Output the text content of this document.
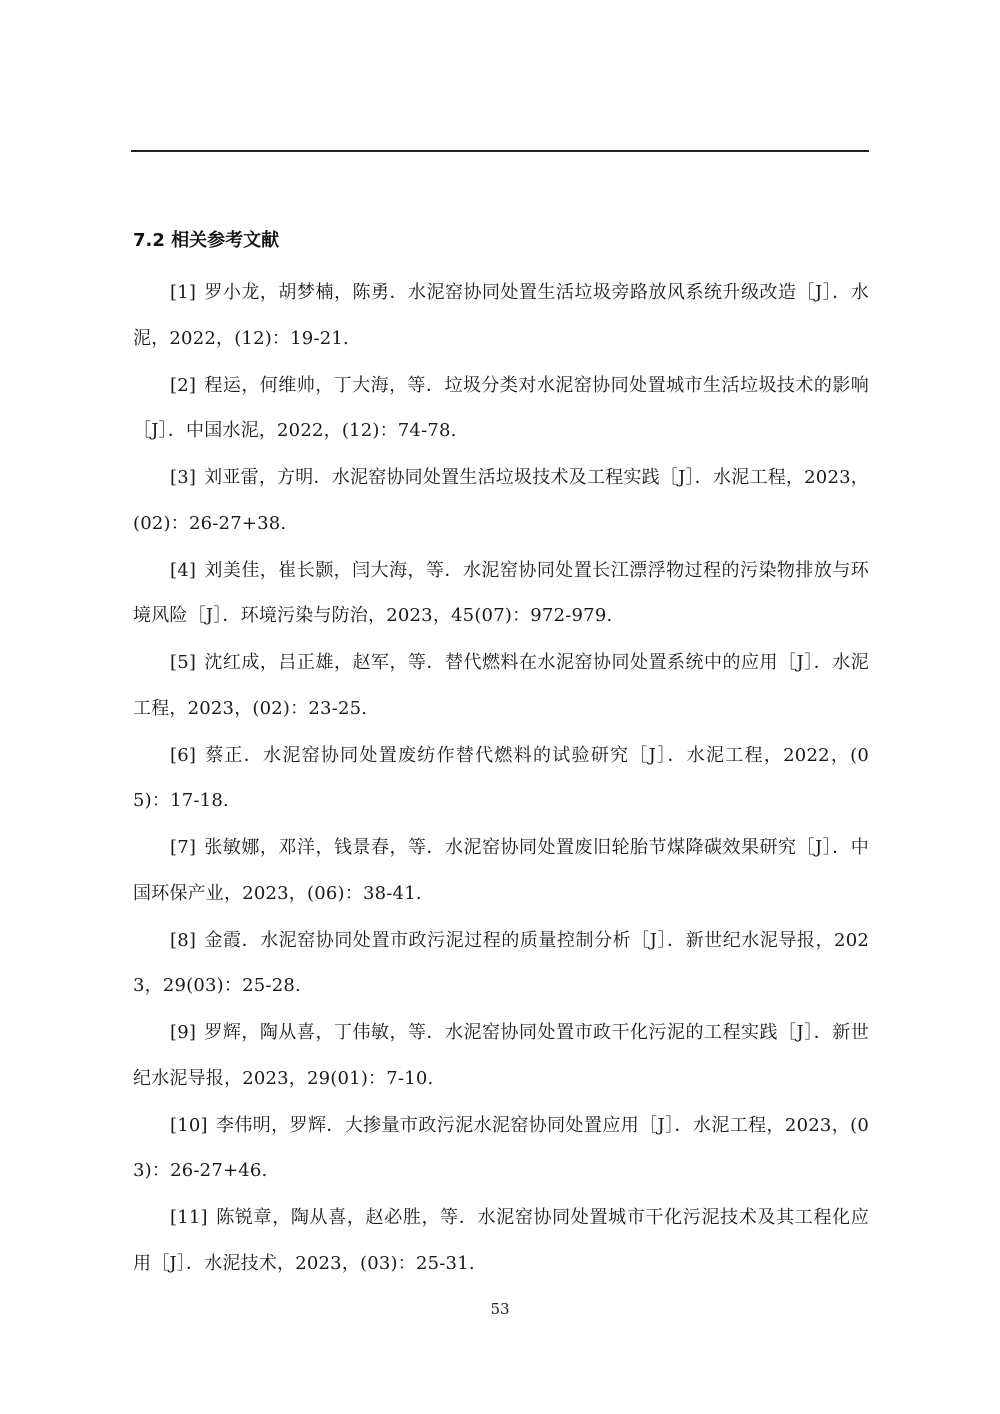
7.2 相关参考文献

[1] 罗小龙，胡梦楠，陈勇．水泥窑协同处置生活垃圾旁路放风系统升级改造［J］．水泥，2022，(12)：19-21.

[2] 程运，何维帅，丁大海，等．垃圾分类对水泥窑协同处置城市生活垃圾技术的影响［J］．中国水泥，2022，(12)：74-78.

[3] 刘亚雷，方明．水泥窑协同处置生活垃圾技术及工程实践［J］．水泥工程，2023，(02)：26-27+38.

[4] 刘美佳，崔长颢，闫大海，等．水泥窑协同处置长江漂浮物过程的污染物排放与环境风险［J］．环境污染与防治，2023，45(07)：972-979.

[5] 沈红成，吕正雄，赵军，等．替代燃料在水泥窑协同处置系统中的应用［J］．水泥工程，2023，(02)：23-25.

[6] 蔡正．水泥窑协同处置废纺作替代燃料的试验研究［J］．水泥工程，2022，(05)：17-18.

[7] 张敏娜，邓洋，钱景春，等．水泥窑协同处置废旧轮胎节煤降碳效果研究［J］．中国环保产业，2023，(06)：38-41.

[8] 金霞．水泥窑协同处置市政污泥过程的质量控制分析［J］．新世纪水泥导报，2023，29(03)：25-28.

[9] 罗辉，陶从喜，丁伟敏，等．水泥窑协同处置市政干化污泥的工程实践［J］．新世纪水泥导报，2023，29(01)：7-10.

[10] 李伟明，罗辉．大掺量市政污泥水泥窑协同处置应用［J］．水泥工程，2023，(03)：26-27+46.

[11] 陈锐章，陶从喜，赵必胜，等．水泥窑协同处置城市干化污泥技术及其工程化应用［J］．水泥技术，2023，(03)：25-31.

53
